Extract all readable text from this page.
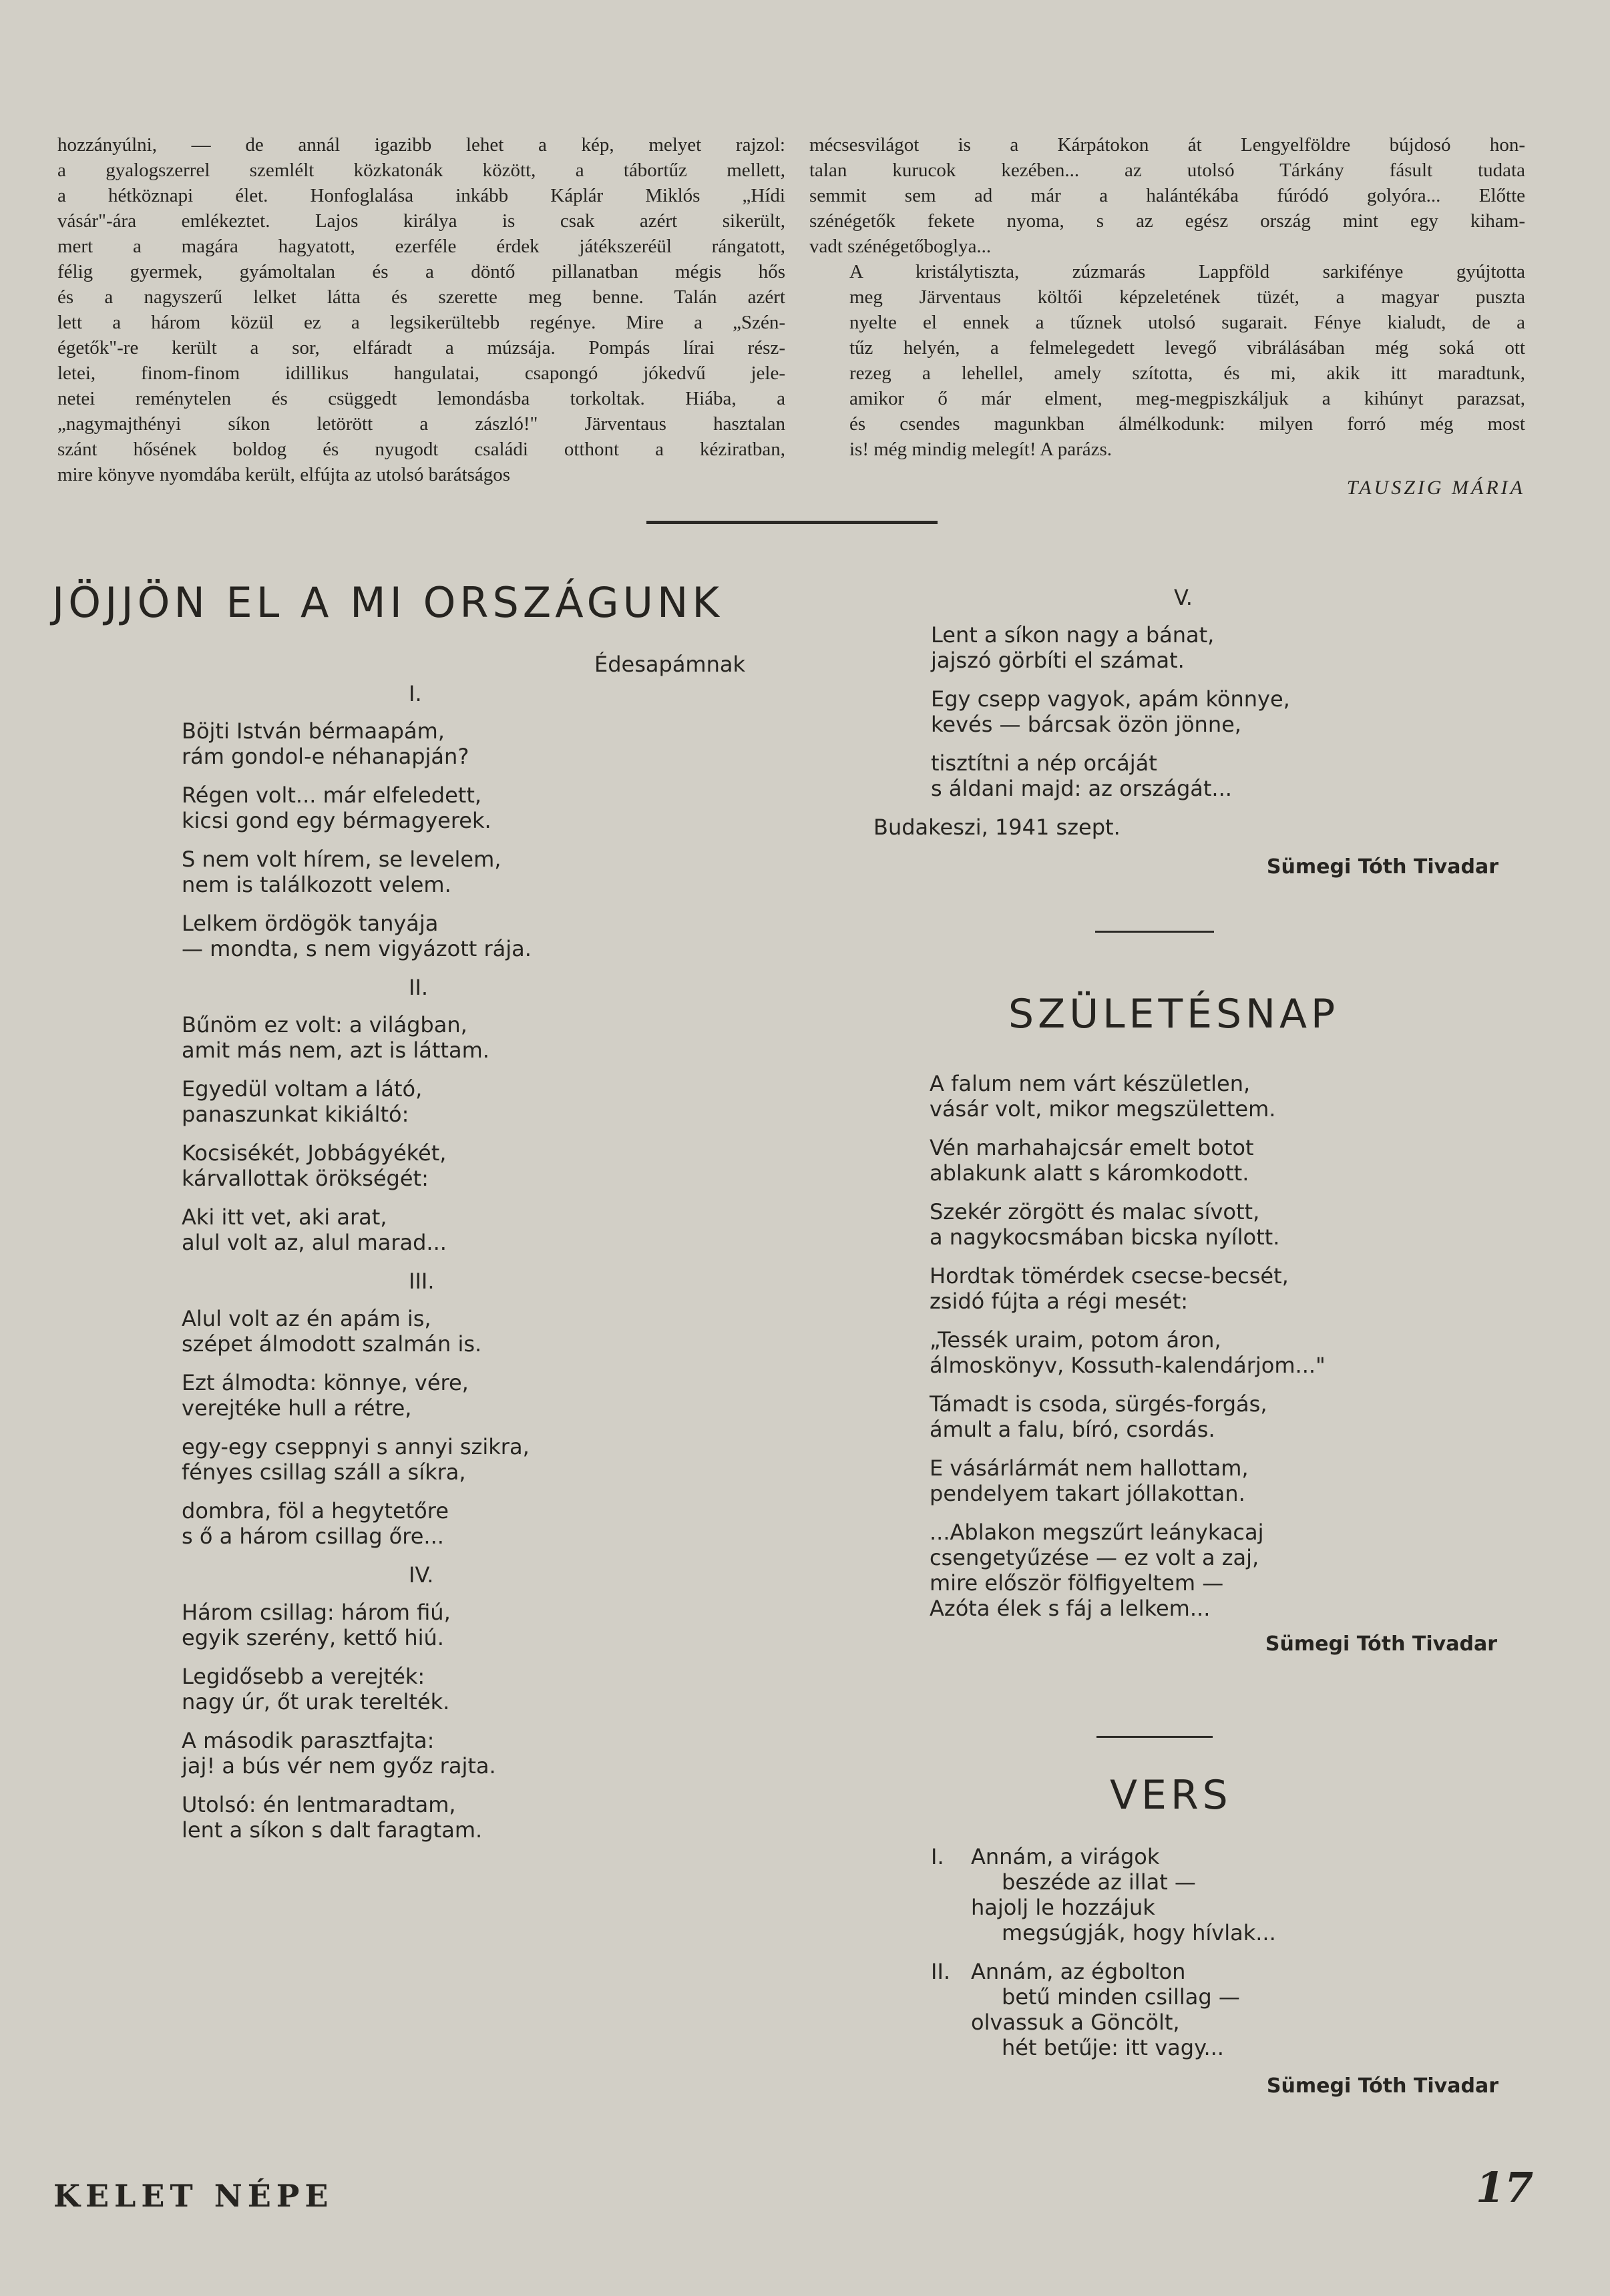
hozzányúlni, — de annál igazibb lehet a kép, melyet rajzol:
a gyalogszerrel szemlélt közkatonák között, a tábortűz mellett,
a hétköznapi élet. Honfoglalása inkább Káplár Miklós „Hídi
vásár"-ára emlékeztet. Lajos királya is csak azért sikerült,
mert a magára hagyatott, ezerféle érdek játékszeréül rángatott,
félig gyermek, gyámoltalan és a döntő pillanatban mégis hős
és a nagyszerű lelket látta és szerette meg benne. Talán azért
lett a három közül ez a legsikerültebb regénye. Mire a „Szén-
égetők"-re került a sor, elfáradt a múzsája. Pompás lírai rész-
letei, finom-finom idillikus hangulatai, csapongó jókedvű jele-
netei reménytelen és csüggedt lemondásba torkoltak. Hiába, a
„nagymajthényi síkon letörött a zászló!" Järventaus hasztalan
szánt hősének boldog és nyugodt családi otthont a kéziratban,
mire könyve nyomdába került, elfújta az utolsó barátságos
mécsesvilágot is a Kárpátokon át Lengyelföldre bújdosó hon-
talan kurucok kezében... az utolsó Tárkány fásult tudata
semmit sem ad már a halántékába fúródó golyóra... Előtte
szénégetők fekete nyoma, s az egész ország mint egy kiham-
vadt szénégetőboglya...
A kristálytiszta, zúzmarás Lappföld sarkifénye gyújtotta
meg Järventaus költői képzeletének tüzét, a magyar puszta
nyelte el ennek a tűznek utolsó sugarait. Fénye kialudt, de a
tűz helyén, a felmelegedett levegő vibrálásában még soká ott
rezeg a lehellel, amely szította, és mi, akik itt maradtunk,
amikor ő már elment, meg-megpiszkáljuk a kihúnyt parazsat,
és csendes magunkban álmélkodunk: milyen forró még most
is! még mindig melegít! A parázs.
TAUSZIG MÁRIA
JÖJJÖN EL A MI ORSZÁGUNK
Édesapámnak
I.
Böjti István bérmaapám,
rám gondol-e néhanapján?
Régen volt... már elfeledett,
kicsi gond egy bérmagyerek.
S nem volt hírem, se levelem,
nem is találkozott velem.
Lelkem ördögök tanyája
— mondta, s nem vigyázott rája.
II.
Bűnöm ez volt: a világban,
amit más nem, azt is láttam.
Egyedül voltam a látó,
panaszunkat kikiáltó:
Kocsisékét, Jobbágyékét,
kárvallottak örökségét:
Aki itt vet, aki arat,
alul volt az, alul marad...
III.
Alul volt az én apám is,
szépet álmodott szalmán is.
Ezt álmodta: könnye, vére,
verejtéke hull a rétre,
egy-egy cseppnyi s annyi szikra,
fényes csillag száll a síkra,
dombra, föl a hegytetőre
s ő a három csillag őre...
IV.
Három csillag: három fiú,
egyik szerény, kettő hiú.
Legidősebb a verejték:
nagy úr, őt urak terelték.
A második parasztfajta:
jaj! a bús vér nem győz rajta.
Utolsó: én lentmaradtam,
lent a síkon s dalt faragtam.
V.
Lent a síkon nagy a bánat,
jajszó görbíti el számat.
Egy csepp vagyok, apám könnye,
kevés — bárcsak özön jönne,
tisztítni a nép orcáját
s áldani majd: az országát...
Budakeszi, 1941 szept.
Sümegi Tóth Tivadar
SZÜLETÉSNAP
A falum nem várt készületlen,
vásár volt, mikor megszülettem.
Vén marhahajcsár emelt botot
ablakunk alatt s káromkodott.
Szekér zörgött és malac sívott,
a nagykocsmában bicska nyílott.
Hordtak tömérdek csecse-becsét,
zsidó fújta a régi mesét:
„Tessék uraim, potom áron,
álmoskönyv, Kossuth-kalendárjom..."
Támadt is csoda, sürgés-forgás,
ámult a falu, bíró, csordás.
E vásárlármát nem hallottam,
pendelyem takart jóllakottan.
...Ablakon megszűrt leánykacaj
csengetyűzése — ez volt a zaj,
mire először fölfigyeltem —
Azóta élek s fáj a lelkem...
Sümegi Tóth Tivadar
VERS
I.	Annám, a virágok
beszéde az illat —
hajolj le hozzájuk
megsúgják, hogy hívlak...
II. Annám, az égbolton
betű minden csillag —
olvassuk a Göncölt,
hét betűje: itt vagy...
Sümegi Tóth Tivadar
KELET NÉPE	17
